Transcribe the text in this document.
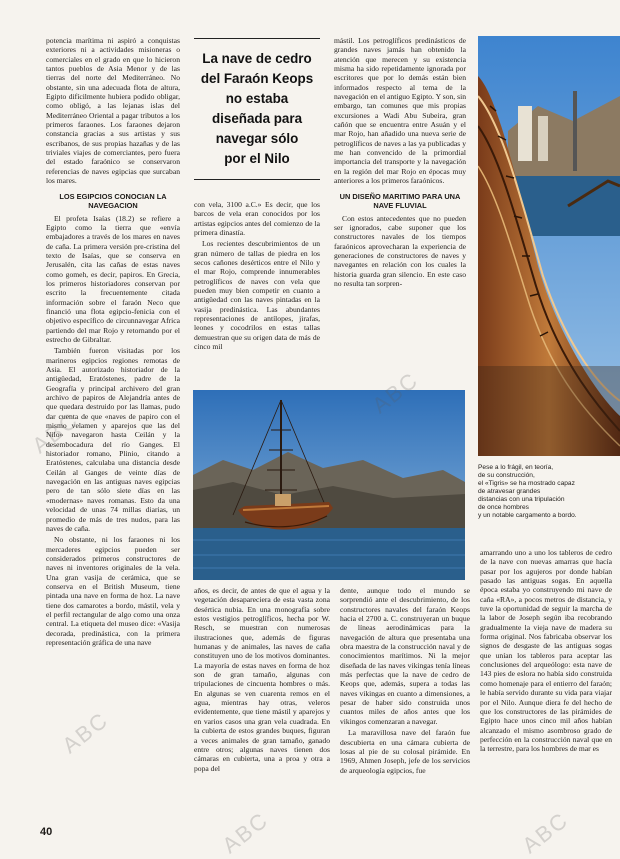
potencia marítima ni aspiró a conquistas exteriores ni a actividades misioneras o comerciales en el grado en que lo hicieron tantos pueblos de Asia Menor y de las tierras del norte del Mediterráneo. No obstante, sin una adecuada flota de altura, Egipto difícilmente hubiera podido obligar, como obligó, a las lejanas islas del Mediterráneo Oriental a pagar tributos a los primeros faraones. Los faraones dejaron constancia gracias a sus artistas y sus escribanos, de sus propias hazañas y de las triviales viajes de comerciantes, pero fuera del estado faraónico se conservaron referencias de naves egipcias que surcaban los mares.

LOS EGIPCIOS CONOCIAN LA NAVEGACION

El profeta Isaías (18.2) se refiere a Egipto como la tierra que «envía embajadores a través de los mares en naves de caña. La primera versión pre-cristina del texto de Isaías, que se conserva en Jerusalén, cita las cañas de estas naves como gomeh, es decir, papiros. En Grecia, los primeros historiadores conservan por escrito la frecuentemente citada información sobre el faraón Neco que financió una flota egipcio-fenicia con el objetivo específico de circunnavegar Africa partiendo del mar Rojo y retornando por el estrecho de Gibraltar.

También fueron visitadas por los marineros egipcios regiones remotas de Asia. El autorizado historiador de la antigüedad, Eratóstenes, padre de la Geografía y principal archivero del gran archivo de papiros de Alejandría antes de que quedara destruido por las llamas, pudo dar cuenta de que «naves de papiro con el mismo velamen y aparejos que las del Nilo» navegaron hasta Ceilán y la desembocadura del río Ganges. El historiador romano, Plinio, citando a Eratóstenes, calculaba una distancia desde Ceilán al Ganges de veinte días de navegación en las antiguas naves egipcias pero de tan sólo siete días en las «modernas» naves romanas. Esto da una velocidad de unas 74 millas diarias, un promedio de más de tres nudos, para las naves de caña.

No obstante, ni los faraones ni los mercaderes egipcios pueden ser considerados primeros constructores de naves ni inventores originales de la vela. Una gran vasija de cerámica, que se conserva en el British Museum, tiene pintada una nave en forma de hoz. La nave tiene dos camarotes a bordo, mástil, vela y el perfil rectangular de algo como una onza central. La etiqueta del museo dice: «Vasija decorada, predinástica, con la primera representación gráfica de una nave

La nave de cedro
del Faraón Keops
no estaba
diseñada para
navegar sólo
por el Nilo

con vela, 3100 a.C.» Es decir, que los barcos de vela eran conocidos por los artistas egipcios antes del comienzo de la primera dinastía.

Los recientes descubrimientos de un gran número de tallas de piedra en los secos cañones desérticos entre el Nilo y el mar Rojo, comprende innumerables petroglíficos de naves con vela que pueden muy bien competir en cuanto a antigüedad con las naves pintadas en la vasija predinástica. Las abundantes representaciones de antílopes, jirafas, leones y cocodrilos en estas tallas demuestran que su origen data de más de cinco mil

mástil. Los petroglíficos predinásticos de grandes naves jamás han obtenido la atención que merecen y su existencia misma ha sido repetidamente ignorada por escritores que por lo demás están bien informados respecto al tema de la navegación en el antiguo Egipto. Y son, sin embargo, tan comunes que mis propias excursiones a Wadi Abu Subeira, gran cañón que se encuentra entre Asuán y el mar Rojo, han añadido una nueva serie de petroglíficos de naves a las ya publicadas y me han convencido de la primordial importancia del transporte y la navegación en la región del mar Rojo en épocas muy anteriores a los primeros faraónicos.

UN DISEÑO MARITIMO PARA UNA NAVE FLUVIAL

Con estos antecedentes que no pueden ser ignorados, cabe suponer que los constructores navales de los tiempos faraónicos aprovecharan la experiencia de generaciones de constructores de naves y navegantes en relación con los cuales la historia guarda gran silencio. En este caso no resulta tan sorpren-

Pese a lo frágil, en teoría,
de su construcción,
el «Tigris» se ha mostrado capaz
de atravesar grandes
distancias con una tripulación
de once hombres
y un notable cargamento a bordo.

años, es decir, de antes de que el agua y la vegetación desapareciera de esta vasta zona desértica nubia. En una monografía sobre estos vestigios petroglíficos, hecha por W. Resch, se muestran con numerosas ilustraciones que, además de figuras humanas y de animales, las naves de caña constituyen uno de los motivos dominantes. La mayoría de estas naves en forma de hoz son de gran tamaño, algunas con tripulaciones de cincuenta hombres o más. En algunas se ven cuarenta remos en el agua, mientras hay otras, veleros evidentemente, que tiene mástil y aparejos y en varios casos una gran vela cuadrada. En la cubierta de estos grandes buques, figuran a veces animales de gran tamaño, ganado entre otros; algunas naves tienen dos cámaras en cubierta, una a proa y otra a popa del

dente, aunque todo el mundo se sorprendió ante el descubrimiento, de los constructores navales del faraón Keops hacia el 2700 a. C. construyeran un buque de líneas aerodinámicas para la navegación de altura que presentaba una obra maestra de la construcción naval y de conocimientos marítimos. Ni la mejor diseñada de las naves vikingas tenía líneas más perfectas que la nave de cedro de Keops que, además, supera a todas las naves vikingas en cuanto a dimensiones, a pesar de haber sido construida unos cuantos miles de años antes que los vikingos comenzaran a navegar.

La maravillosa nave del faraón fue descubierta en una cámara cubierta de losas al pie de su colosal pirámide. En 1969, Ahmen Joseph, jefe de los servicios de arqueología egipcios, fue

amarrando uno a uno los tableros de cedro de la nave con nuevas amarras que hacía pasar por los agujeros por donde habían pasado las antiguas sogas. En aquella época estaba yo construyendo mi nave de caña «RA», a pocos metros de distancia, y tuve la oportunidad de seguir la marcha de la labor de Joseph según iba recobrando gradualmente la vieja nave de madera su forma original. Nos fabricaba observar los signos de desgaste de las antiguas sogas que unían los tableros para aceptar las conclusiones del arqueólogo: esta nave de 143 pies de eslora no había sido construida como homenaje para el entierro del faraón; le había servido durante su vida para viajar por el Nilo. Aunque diera fe del hecho de que los constructores de las pirámides de Egipto hace unos cinco mil años habían alcanzado el mismo asombroso grado de perfección en la construcción naval que en la terrestre, para los hombres de mar es

40
ABC
ABC
ABC
ABC	ABC
